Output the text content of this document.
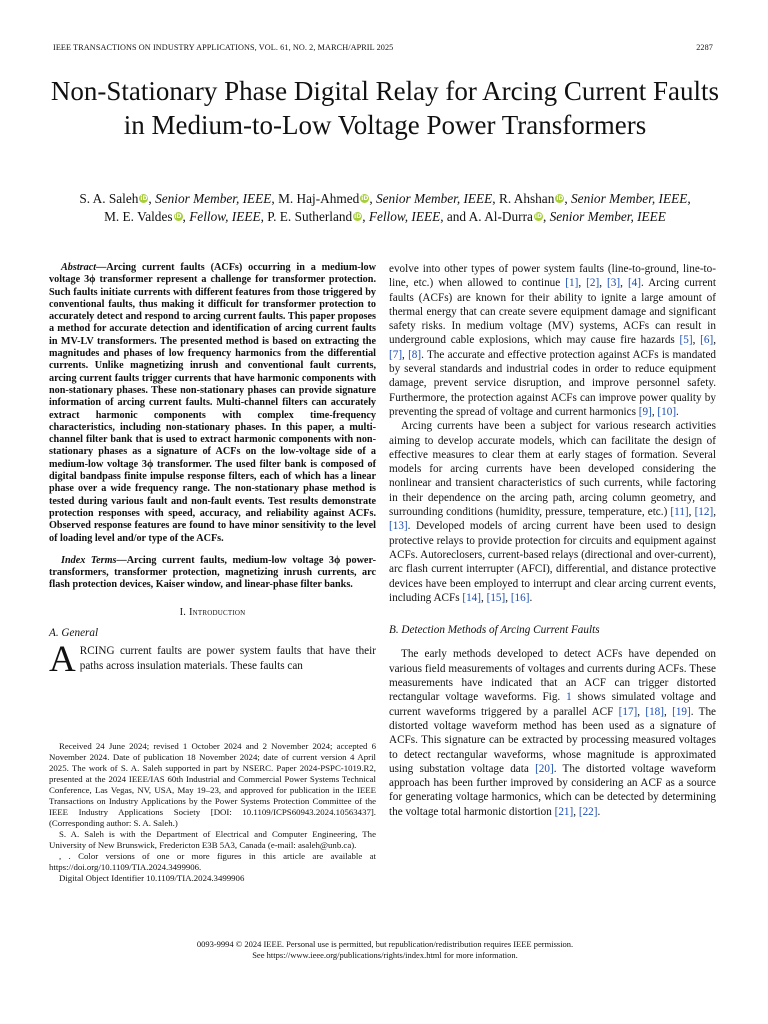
IEEE TRANSACTIONS ON INDUSTRY APPLICATIONS, VOL. 61, NO. 2, MARCH/APRIL 2025	2287
Non-Stationary Phase Digital Relay for Arcing Current Faults in Medium-to-Low Voltage Power Transformers
S. A. Saleh iD, Senior Member, IEEE, M. Haj-Ahmed iD, Senior Member, IEEE, R. Ahshan iD, Senior Member, IEEE,
M. E. Valdes iD, Fellow, IEEE, P. E. Sutherland iD, Fellow, IEEE, and A. Al-Durra iD, Senior Member, IEEE

Abstract—Arcing current faults (ACFs) occurring in a medium-low voltage 3ϕ transformer represent a challenge for transformer protection. Such faults initiate currents with different features from those triggered by conventional faults, thus making it difficult for transformer protection to accurately detect and respond to arcing current faults. This paper proposes a method for accurate detection and identification of arcing current faults in MV-LV transformers. The presented method is based on extracting the magnitudes and phases of low frequency harmonics from the differential currents. Unlike magnetizing inrush and conventional fault currents, arcing current faults trigger currents that have harmonic components with non-stationary phases. These non-stationary phases can provide signature information of arcing current faults. Multi-channel filters can accurately extract harmonic components with complex time-frequency characteristics, including non-stationary phases. In this paper, a multi-channel filter bank that is used to extract harmonic components with non-stationary phases as a signature of ACFs on the low-voltage side of a medium-low voltage 3ϕ transformer. The used filter bank is composed of digital bandpass finite impulse response filters, each of which has a linear phase over a wide frequency range. The non-stationary phase method is tested during various fault and non-fault events. Test results demonstrate protection responses with speed, accuracy, and reliability against ACFs. Observed response features are found to have minor sensitivity to the level of loading level and/or type of the ACFs.

Index Terms—Arcing current faults, medium-low voltage 3ϕ power-transformers, transformer protection, magnetizing inrush currents, arc flash protection devices, Kaiser window, and linear-phase filter banks.

I. Introduction
A. General

ARCING current faults are power system faults that have their paths across insulation materials. These faults can

Received 24 June 2024; revised 1 October 2024 and 2 November 2024; accepted 6 November 2024. Date of publication 18 November 2024; date of current version 4 April 2025. The work of S. A. Saleh supported in part by NSERC. Paper 2024-PSPC-1019.R2, presented at the 2024 IEEE/IAS 60th Industrial and Commercial Power Systems Technical Conference, Las Vegas, NV, USA, May 19–23, and approved for publication in the IEEE Transactions on Industry Applications by the Power Systems Protection Committee of the IEEE Industry Applications Society [DOI: 10.1109/ICPS60943.2024.10563437]. (Corresponding author: S. A. Saleh.)

S. A. Saleh is with the Department of Electrical and Computer Engineering, The University of New Brunswick, Fredericton E3B 5A3, Canada (e-mail: asaleh@unb.ca).

, . Color versions of one or more figures in this article are available at https://doi.org/10.1109/TIA.2024.3499906.

Digital Object Identifier 10.1109/TIA.2024.3499906

evolve into other types of power system faults (line-to-ground, line-to-line, etc.) when allowed to continue [1], [2], [3], [4]. Arcing current faults (ACFs) are known for their ability to ignite a large amount of thermal energy that can create severe equipment damage and significant safety risks. In medium voltage (MV) systems, ACFs can result in underground cable explosions, which may cause fire hazards [5], [6], [7], [8]. The accurate and effective protection against ACFs is mandated by several standards and industrial codes in order to reduce equipment damage, prevent service disruption, and improve personnel safety. Furthermore, the protection against ACFs can improve power quality by preventing the spread of voltage and current harmonics [9], [10].

Arcing currents have been a subject for various research activities aiming to develop accurate models, which can facilitate the design of effective measures to clear them at early stages of formation. Several models for arcing currents have been developed considering the nonlinear and transient characteristics of such currents, while factoring in their dependence on the arcing path, arcing column geometry, and surrounding conditions (humidity, pressure, temperature, etc.) [11], [12], [13]. Developed models of arcing current have been used to design protective relays to provide protection for circuits and equipment against ACFs. Autoreclosers, current-based relays (directional and over-current), arc flash current interrupter (AFCI), differential, and distance protective devices have been employed to interrupt and clear arcing current events, including ACFs [14], [15], [16].

B. Detection Methods of Arcing Current Faults

The early methods developed to detect ACFs have depended on various field measurements of voltages and currents during ACFs. These measurements have indicated that an ACF can trigger distorted rectangular voltage waveforms. Fig. 1 shows simulated voltage and current waveforms triggered by a parallel ACF [17], [18], [19]. The distorted voltage waveform method has been used as a signature of ACFs. This signature can be extracted by processing measured voltages to detect rectangular waveforms, whose magnitude is approximated using substation voltage data [20]. The distorted voltage waveform approach has been further improved by considering an ACF as a source for generating voltage harmonics, which can be detected by determining the voltage total harmonic distortion [21], [22].

0093-9994 © 2024 IEEE. Personal use is permitted, but republication/redistribution requires IEEE permission.
See https://www.ieee.org/publications/rights/index.html for more information.
